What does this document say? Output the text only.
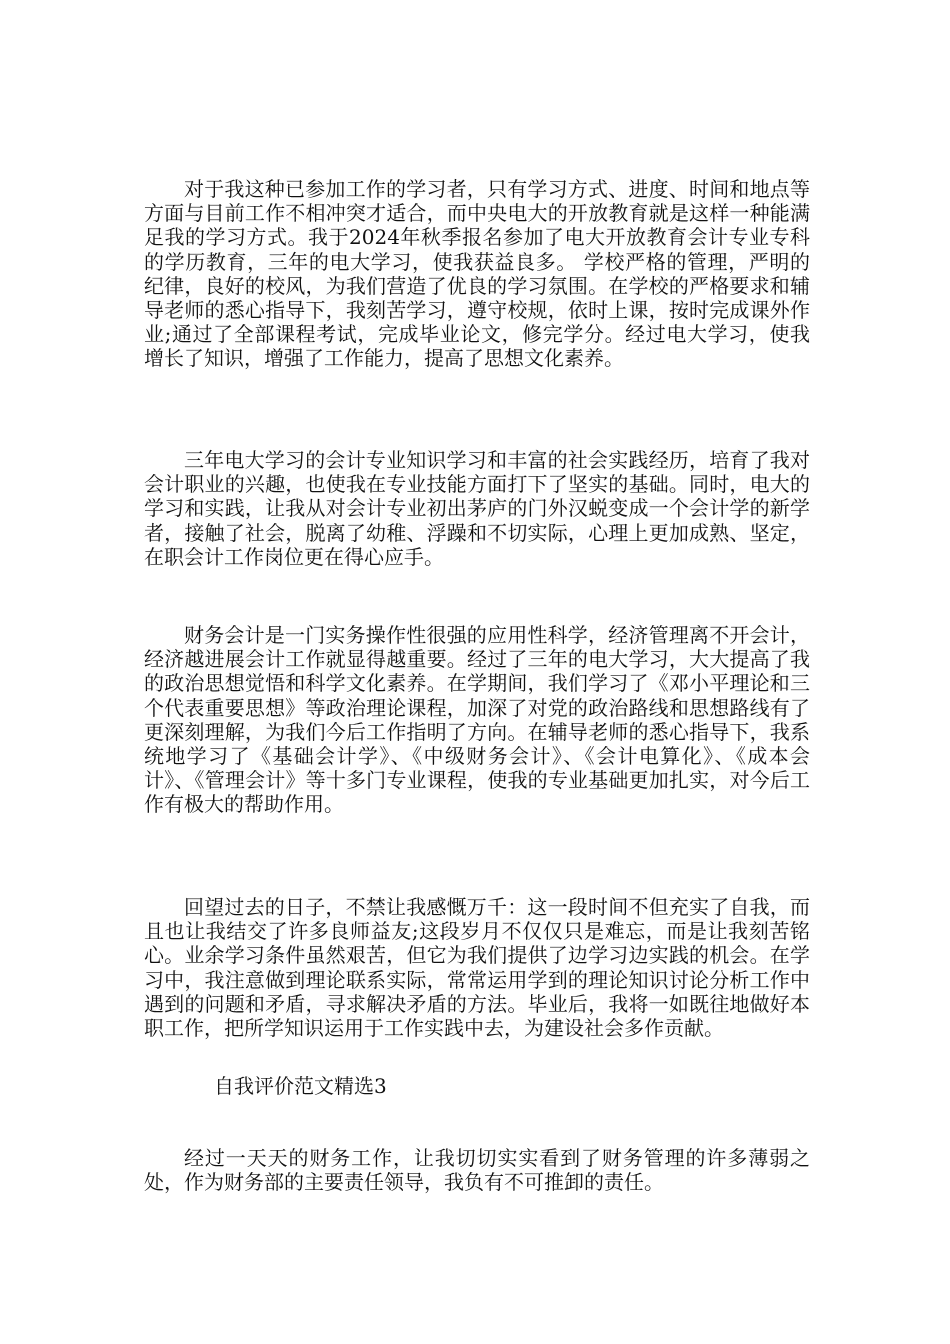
对于我这种已参加工作的学习者，只有学习方式、进度、时间和地点等方面与目前工作不相冲突才适合，而中央电大的开放教育就是这样一种能满足我的学习方式。我于2024年秋季报名参加了电大开放教育会计专业专科的学历教育，三年的电大学习，使我获益良多。 学校严格的管理，严明的纪律，良好的校风，为我们营造了优良的学习氛围。在学校的严格要求和辅导老师的悉心指导下，我刻苦学习，遵守校规，依时上课，按时完成课外作业;通过了全部课程考试，完成毕业论文，修完学分。经过电大学习，使我增长了知识，增强了工作能力，提高了思想文化素养。

三年电大学习的会计专业知识学习和丰富的社会实践经历，培育了我对会计职业的兴趣，也使我在专业技能方面打下了坚实的基础。同时，电大的学习和实践，让我从对会计专业初出茅庐的门外汉蜕变成一个会计学的新学者，接触了社会，脱离了幼稚、浮躁和不切实际，心理上更加成熟、坚定，在职会计工作岗位更在得心应手。

财务会计是一门实务操作性很强的应用性科学，经济管理离不开会计，经济越进展会计工作就显得越重要。经过了三年的电大学习，大大提高了我的政治思想觉悟和科学文化素养。在学期间，我们学习了《邓小平理论和三个代表重要思想》等政治理论课程，加深了对党的政治路线和思想路线有了更深刻理解，为我们今后工作指明了方向。在辅导老师的悉心指导下，我系统地学习了《基础会计学》、《中级财务会计》、《会计电算化》、《成本会计》、《管理会计》等十多门专业课程，使我的专业基础更加扎实，对今后工作有极大的帮助作用。

回望过去的日子，不禁让我感慨万千：这一段时间不但充实了自我，而且也让我结交了许多良师益友;这段岁月不仅仅只是难忘，而是让我刻苦铭心。业余学习条件虽然艰苦，但它为我们提供了边学习边实践的机会。在学习中，我注意做到理论联系实际，常常运用学到的理论知识讨论分析工作中遇到的问题和矛盾，寻求解决矛盾的方法。毕业后，我将一如既往地做好本职工作，把所学知识运用于工作实践中去，为建设社会多作贡献。

自我评价范文精选3

经过一天天的财务工作，让我切切实实看到了财务管理的许多薄弱之处，作为财务部的主要责任领导，我负有不可推卸的责任。
